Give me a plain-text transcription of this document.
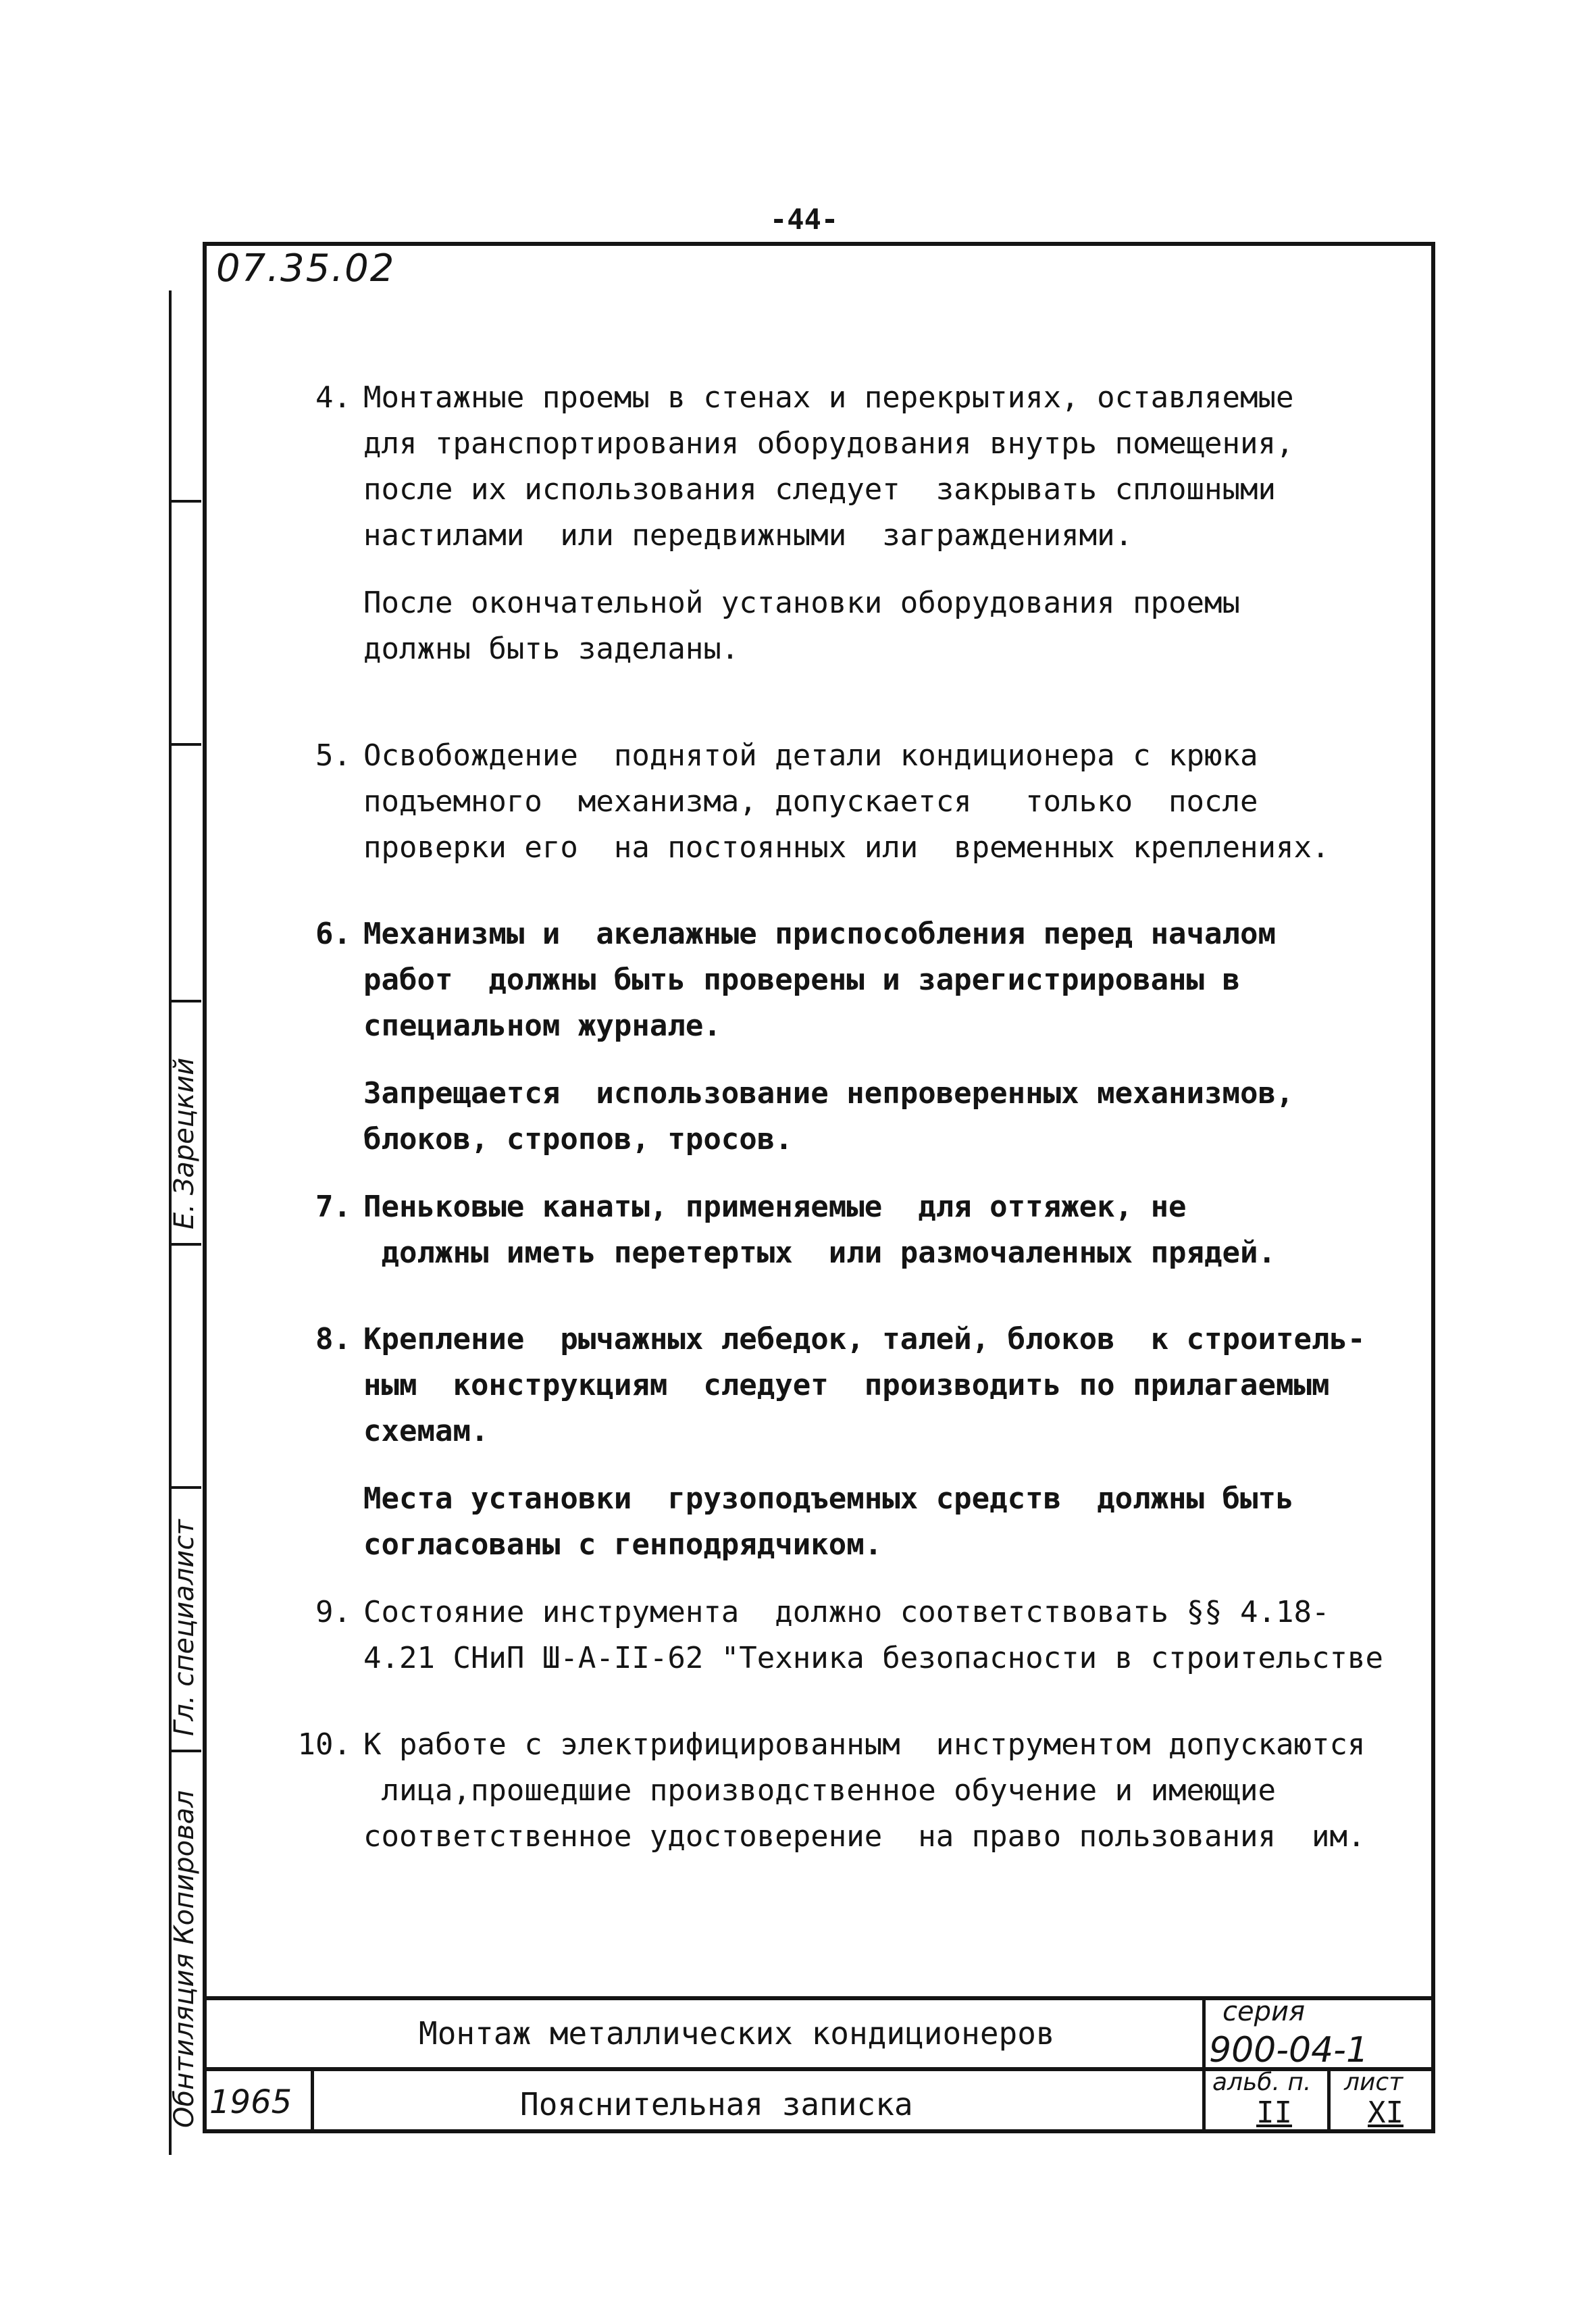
-44-
07.35.02
Е. Зарецкий
Гл. специалист
Обнтиляция Копировал
4. Монтажные проемы в стенах и перекрытиях, оставляемые
для транспортирования оборудования внутрь помещения,
после их использования следует  закрывать сплошными
настилами  или передвижными  заграждениями.
После окончательной установки оборудования проемы
должны быть заделаны.
5. Освобождение  поднятой детали кондиционера с крюка
подъемного  механизма, допускается   только  после
проверки его  на постоянных или  временных креплениях.
6. Механизмы и  акелажные приспособления перед началом
работ  должны быть проверены и зарегистрированы в
специальном журнале.
Запрещается  использование непроверенных механизмов,
блоков, стропов, тросов.
7. Пеньковые канаты, применяемые  для оттяжек, не
должны иметь перетертых  или размочаленных прядей.
8. Крепление  рычажных лебедок, талей, блоков  к строитель-
ным  конструкциям  следует  производить по прилагаемым
схемам.
Места установки  грузоподъемных средств  должны быть
согласованы с генподрядчиком.
9. Состояние инструмента  должно соответствовать §§ 4.18-
4.21 СНиП Ш-А-II-62 "Техника безопасности в строительстве
10. К работе с электрифицированным  инструментом допускаются
лица,прошедшие производственное обучение и имеющие
соответственное удостоверение  на право пользования  им.
Монтаж металлических кондиционеров
серия
900-04-1
1965	Пояснительная записка
альб. п.
II
лист
XI
